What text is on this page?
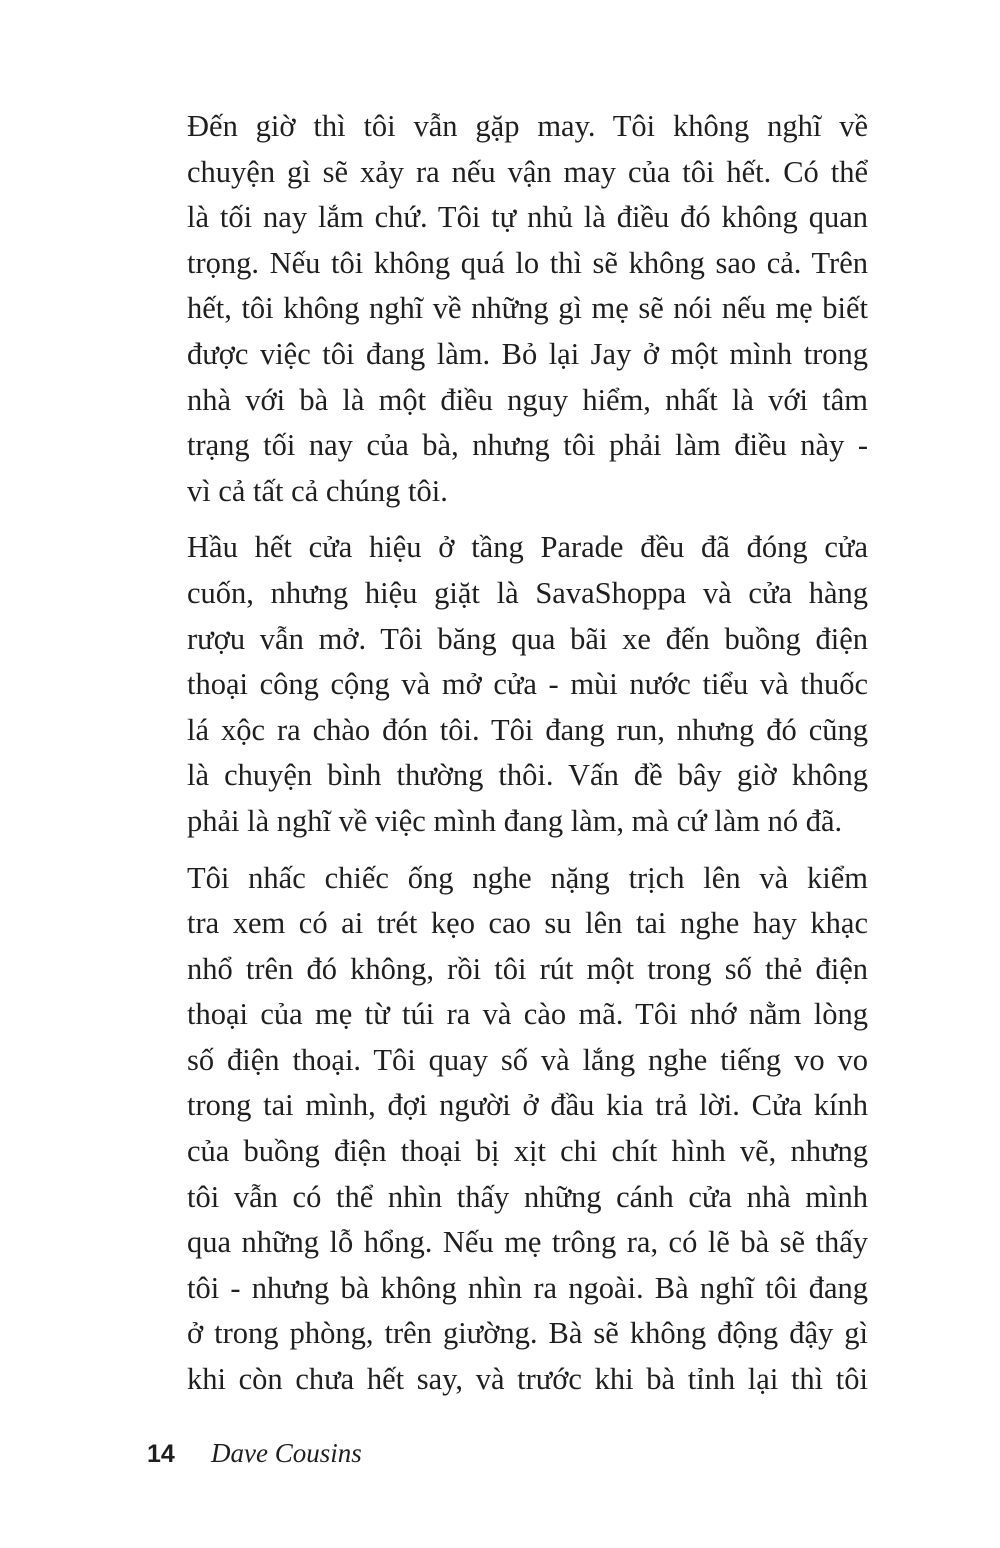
Đến giờ thì tôi vẫn gặp may. Tôi không nghĩ về
chuyện gì sẽ xảy ra nếu vận may của tôi hết. Có thể
là tối nay lắm chứ. Tôi tự nhủ là điều đó không quan
trọng. Nếu tôi không quá lo thì sẽ không sao cả. Trên
hết, tôi không nghĩ về những gì mẹ sẽ nói nếu mẹ biết
được việc tôi đang làm. Bỏ lại Jay ở một mình trong
nhà với bà là một điều nguy hiểm, nhất là với tâm
trạng tối nay của bà, nhưng tôi phải làm điều này -
vì cả tất cả chúng tôi.
Hầu hết cửa hiệu ở tầng Parade đều đã đóng cửa
cuốn, nhưng hiệu giặt là SavaShoppa và cửa hàng
rượu vẫn mở. Tôi băng qua bãi xe đến buồng điện
thoại công cộng và mở cửa - mùi nước tiểu và thuốc
lá xộc ra chào đón tôi. Tôi đang run, nhưng đó cũng
là chuyện bình thường thôi. Vấn đề bây giờ không
phải là nghĩ về việc mình đang làm, mà cứ làm nó đã.
Tôi nhấc chiếc ống nghe nặng trịch lên và kiểm
tra xem có ai trét kẹo cao su lên tai nghe hay khạc
nhổ trên đó không, rồi tôi rút một trong số thẻ điện
thoại của mẹ từ túi ra và cào mã. Tôi nhớ nằm lòng
số điện thoại. Tôi quay số và lắng nghe tiếng vo vo
trong tai mình, đợi người ở đầu kia trả lời. Cửa kính
của buồng điện thoại bị xịt chi chít hình vẽ, nhưng
tôi vẫn có thể nhìn thấy những cánh cửa nhà mình
qua những lỗ hổng. Nếu mẹ trông ra, có lẽ bà sẽ thấy
tôi - nhưng bà không nhìn ra ngoài. Bà nghĩ tôi đang
ở trong phòng, trên giường. Bà sẽ không động đậy gì
khi còn chưa hết say, và trước khi bà tỉnh lại thì tôi
14	Dave Cousins
